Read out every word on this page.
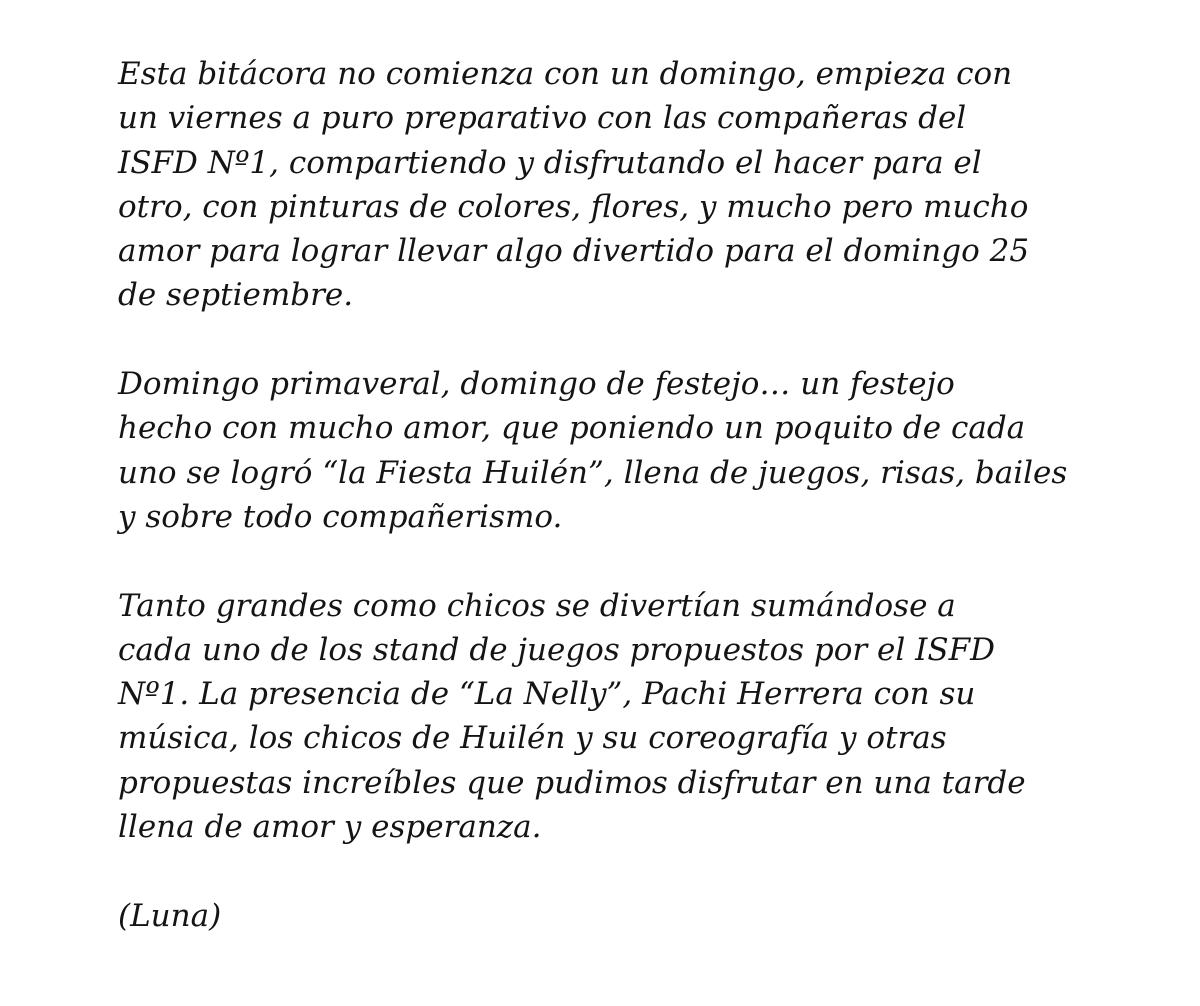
Esta bitácora no comienza con un domingo, empieza con
un viernes a puro preparativo con las compañeras del
ISFD Nº1, compartiendo y disfrutando el hacer para el
otro, con pinturas de colores, flores, y mucho pero mucho
amor para lograr llevar algo divertido para el domingo 25
de septiembre.

Domingo primaveral, domingo de festejo… un festejo
hecho con mucho amor, que poniendo un poquito de cada
uno se logró “la Fiesta Huilén”, llena de juegos, risas, bailes
y sobre todo compañerismo.

Tanto grandes como chicos se divertían sumándose a
cada uno de los stand de juegos propuestos por el ISFD
Nº1. La presencia de “La Nelly”, Pachi Herrera con su
música, los chicos de Huilén y su coreografía y otras
propuestas increíbles que pudimos disfrutar en una tarde
llena de amor y esperanza.

(Luna)
